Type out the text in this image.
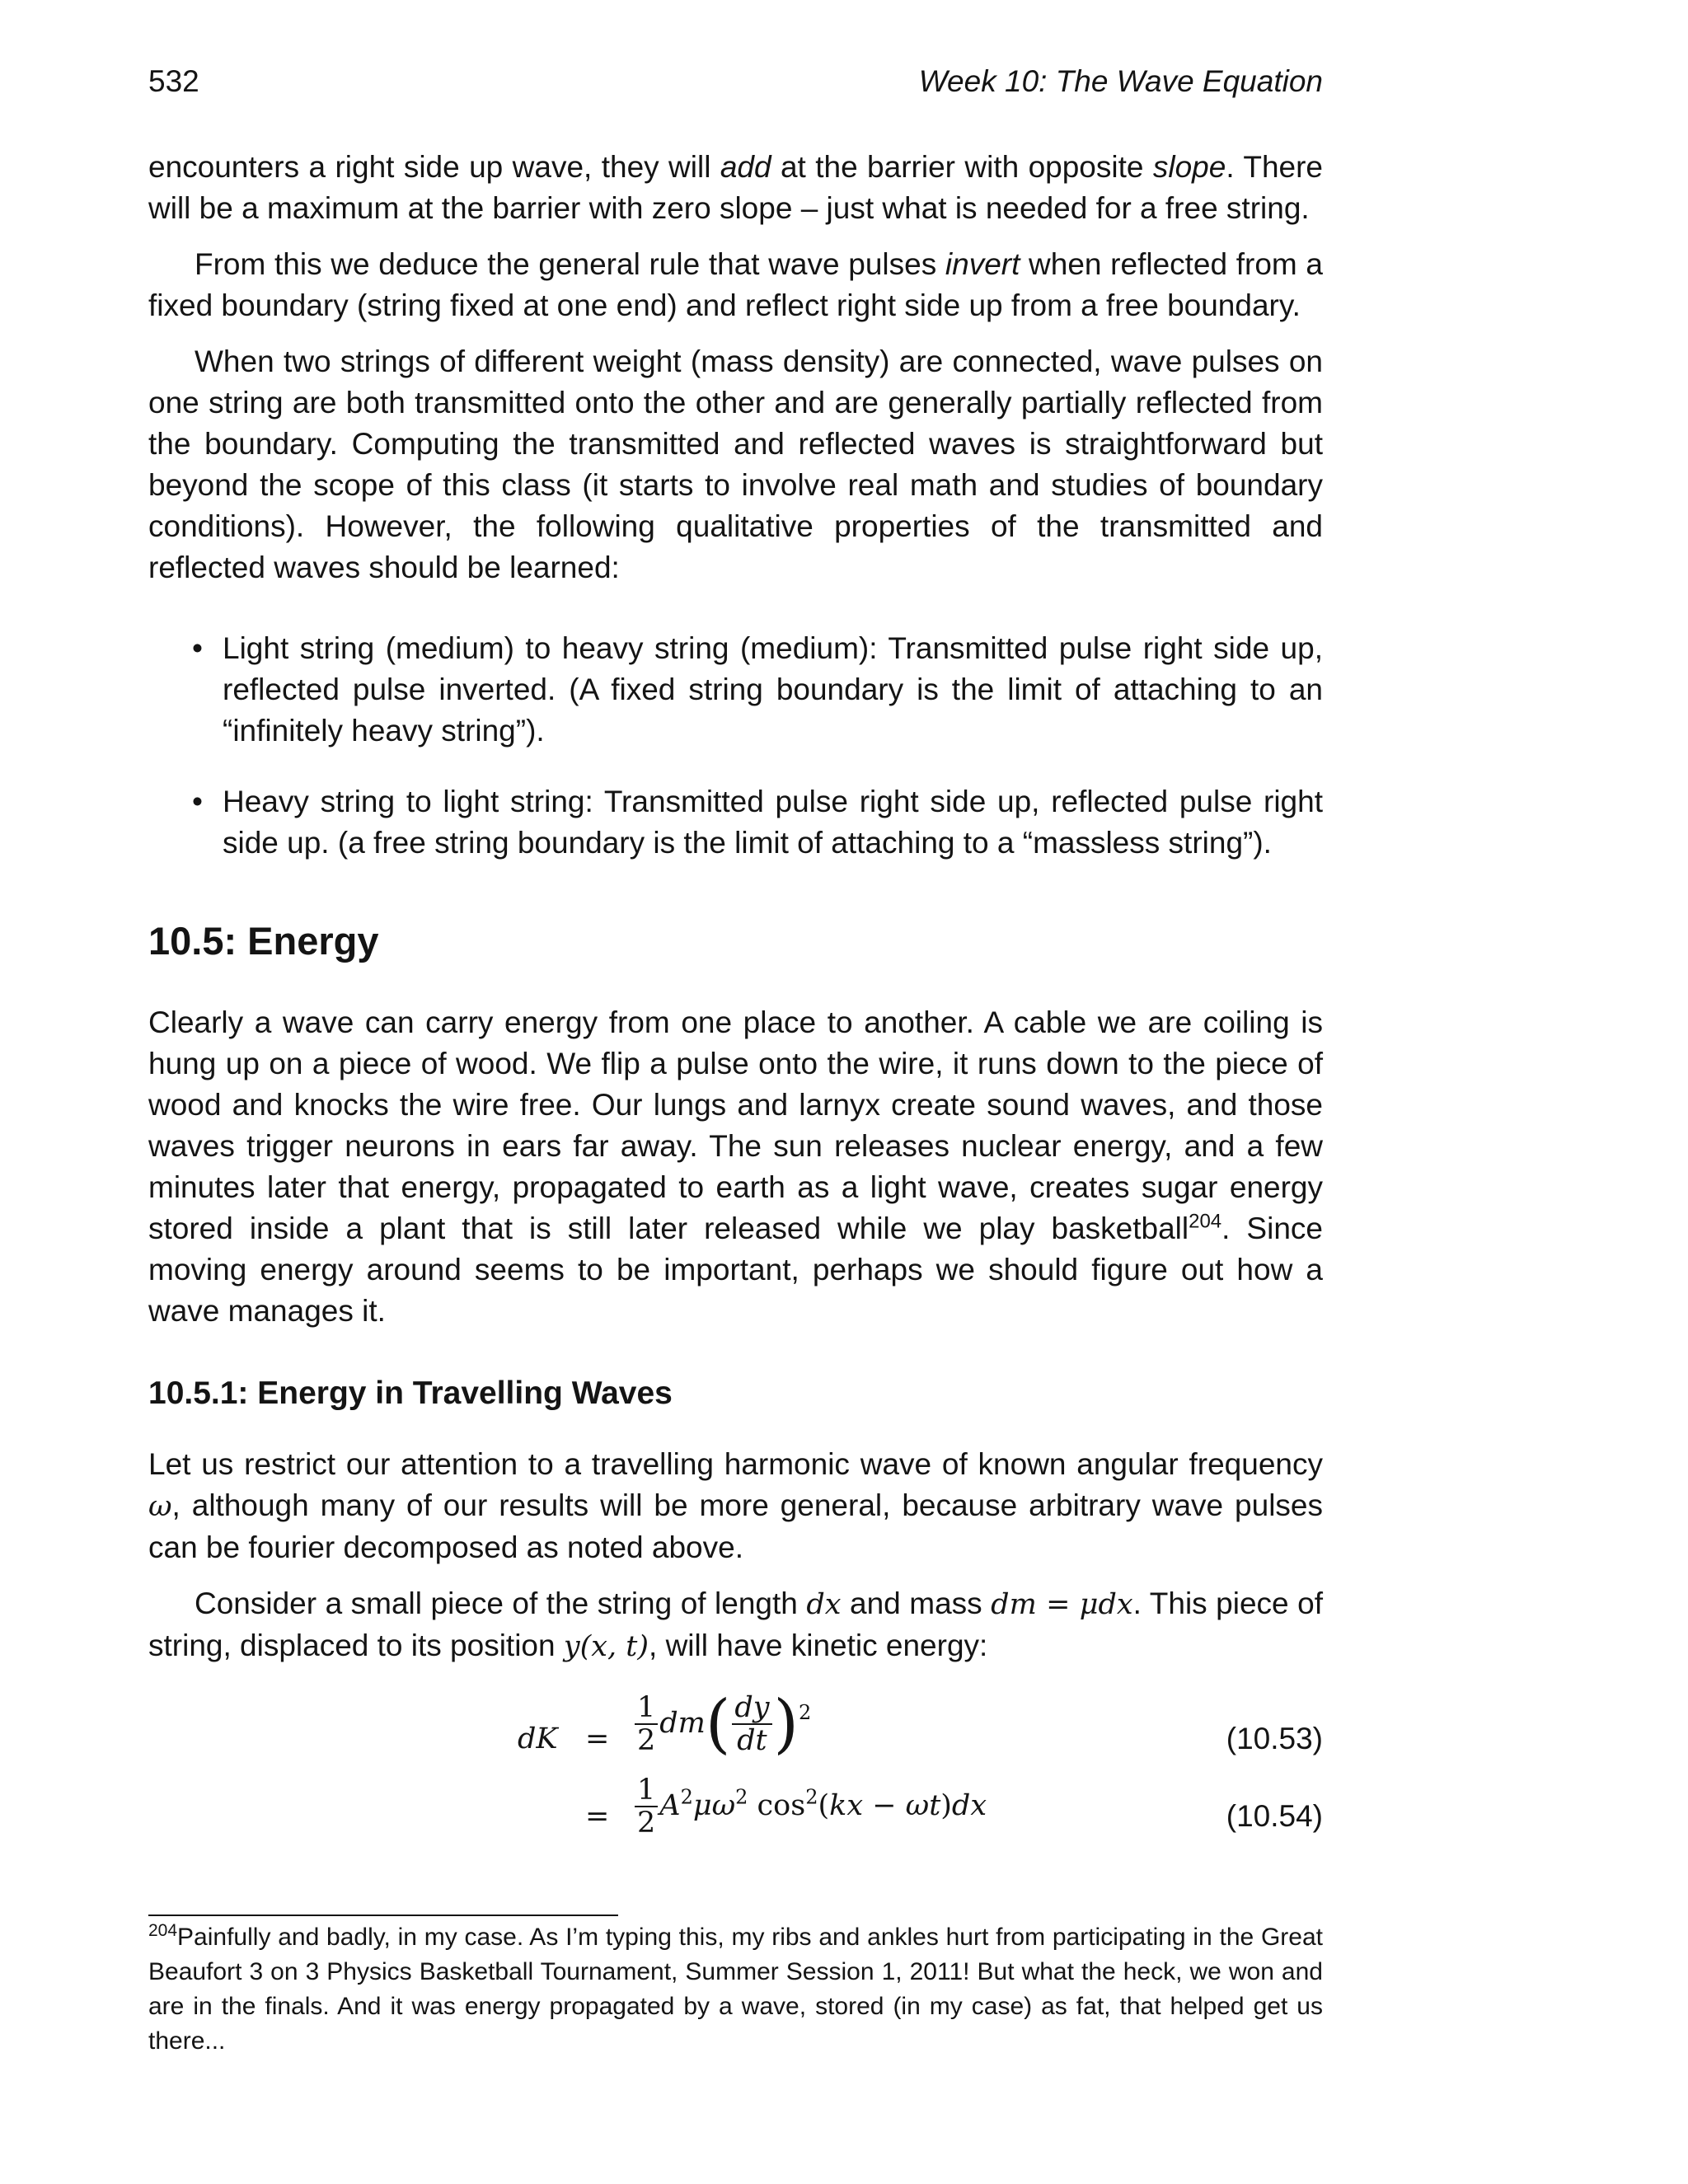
532	Week 10: The Wave Equation

encounters a right side up wave, they will add at the barrier with opposite slope. There will be a maximum at the barrier with zero slope – just what is needed for a free string.

From this we deduce the general rule that wave pulses invert when reflected from a fixed boundary (string fixed at one end) and reflect right side up from a free boundary.

When two strings of different weight (mass density) are connected, wave pulses on one string are both transmitted onto the other and are generally partially reflected from the boundary. Computing the transmitted and reflected waves is straightforward but beyond the scope of this class (it starts to involve real math and studies of boundary conditions). However, the following qualitative properties of the transmitted and reflected waves should be learned:

• Light string (medium) to heavy string (medium): Transmitted pulse right side up, reflected pulse inverted. (A fixed string boundary is the limit of attaching to an “infinitely heavy string”).
• Heavy string to light string: Transmitted pulse right side up, reflected pulse right side up. (a free string boundary is the limit of attaching to a “massless string”).
10.5: Energy

Clearly a wave can carry energy from one place to another. A cable we are coiling is hung up on a piece of wood. We flip a pulse onto the wire, it runs down to the piece of wood and knocks the wire free. Our lungs and larnyx create sound waves, and those waves trigger neurons in ears far away. The sun releases nuclear energy, and a few minutes later that energy, propagated to earth as a light wave, creates sugar energy stored inside a plant that is still later released while we play basketball$^{204}$. Since moving energy around seems to be important, perhaps we should figure out how a wave manages it.

10.5.1: Energy in Travelling Waves

Let us restrict our attention to a travelling harmonic wave of known angular frequency ω, although many of our results will be more general, because arbitrary wave pulses can be fourier decomposed as noted above.

Consider a small piece of the string of length dx and mass dm = μdx. This piece of string, displaced to its position y(x, t), will have kinetic energy:

dK = $\frac{1}{2} dm( \frac{dy}{dt} )^2$
(10.53)
= $\frac{1}{2} A^2\mu\omega^2$ $\cos^2(kx - \omega t)dx$	(10.54)
$^{204}$Painfully and badly, in my case. As I’m typing this, my ribs and ankles hurt from participating in the Great Beaufort 3 on 3 Physics Basketball Tournament, Summer Session 1, 2011! But what the heck, we won and are in the finals. And it was energy propagated by a wave, stored (in my case) as fat, that helped get us there...
